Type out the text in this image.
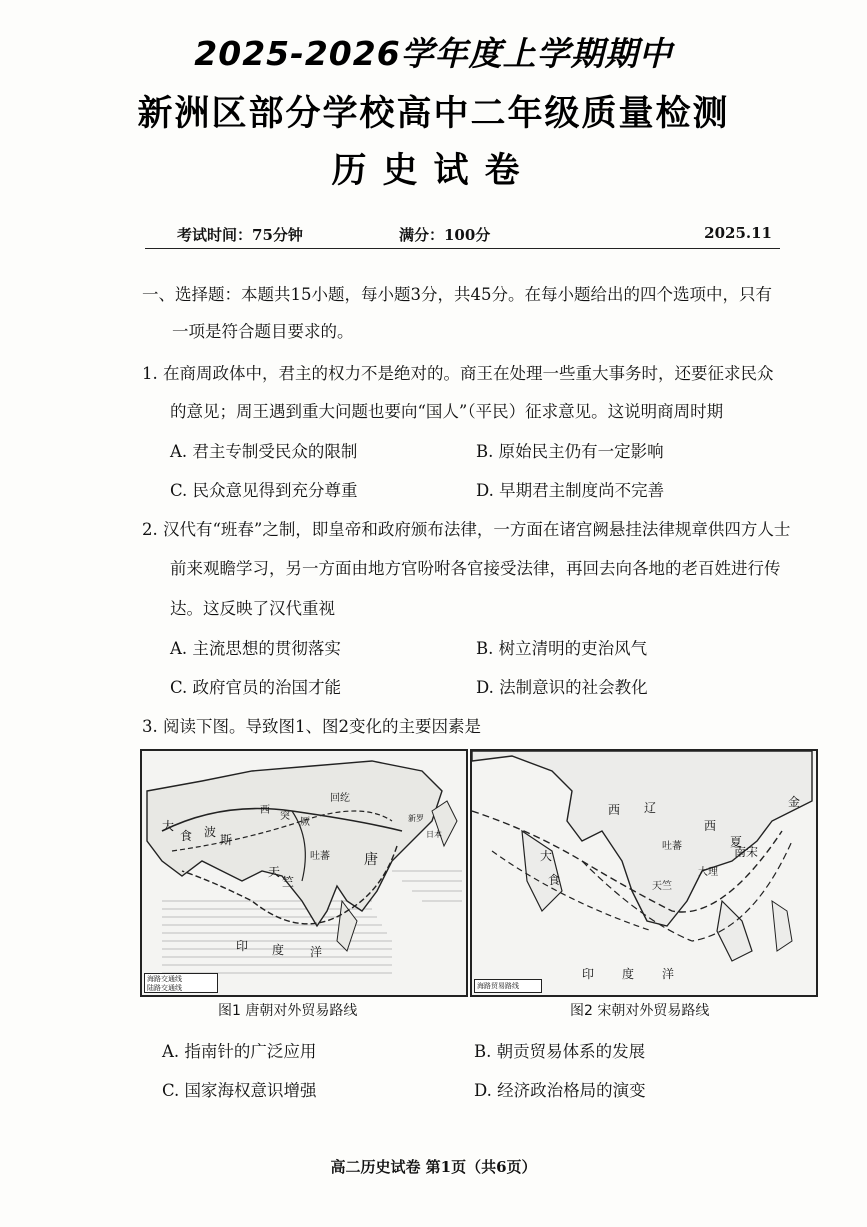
2025-2026学年度上学期期中
新洲区部分学校高中二年级质量检测
历史试卷
考试时间：75分钟	满分：100分	2025.11
一、选择题：本题共15小题，每小题3分，共45分。在每小题给出的四个选项中，只有
一项是符合题目要求的。
1. 在商周政体中，君主的权力不是绝对的。商王在处理一些重大事务时，还要征求民众
的意见；周王遇到重大问题也要向“国人”（平民）征求意见。这说明商周时期
A. 君主专制受民众的限制	B. 原始民主仍有一定影响
C. 民众意见得到充分尊重	D. 早期君主制度尚不完善
2. 汉代有“班春”之制，即皇帝和政府颁布法律，一方面在诸宫阙悬挂法律规章供四方人士
前来观瞻学习，另一方面由地方官吩咐各官接受法律，再回去向各地的老百姓进行传
达。这反映了汉代重视
A. 主流思想的贯彻落实	B. 树立清明的吏治风气
C. 政府官员的治国才能	D. 法制意识的社会教化
3. 阅读下图。导致图1、图2变化的主要因素是
大
食 波
斯
西
突
厥
回纥
唐
吐蕃
天
竺
印 度 洋
日本
新罗
海路交通线
陆路交通线
西 辽
西
夏
金
吐蕃
大
食	天竺
大理
南宋
印 度 洋
海路贸易路线
图1 唐朝对外贸易路线	图2 宋朝对外贸易路线
A. 指南针的广泛应用	B. 朝贡贸易体系的发展
C. 国家海权意识增强	D. 经济政治格局的演变
高二历史试卷 第1页（共6页）
